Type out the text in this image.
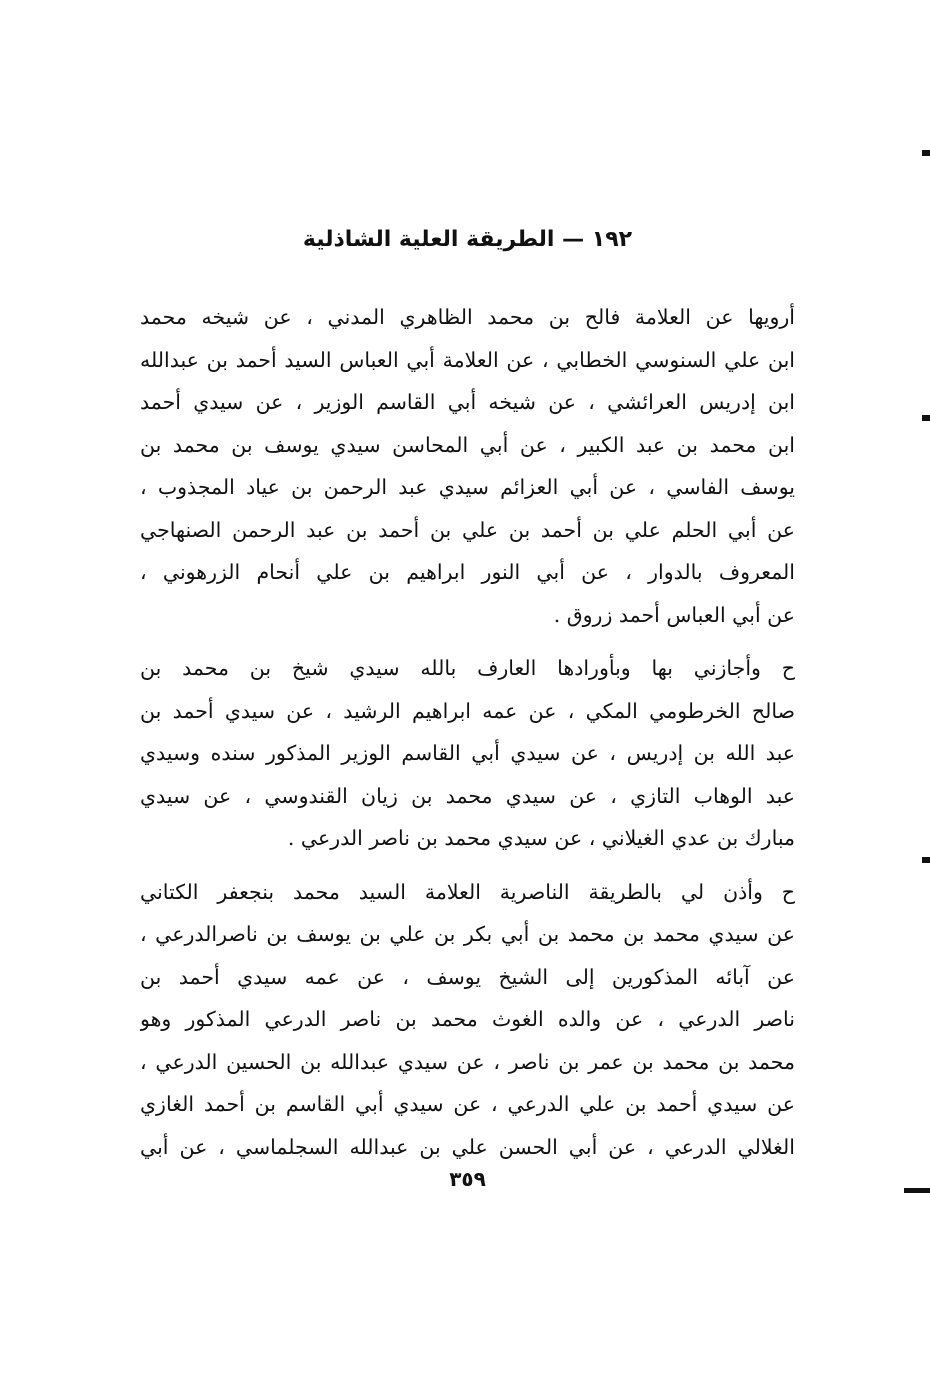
١٩٢ — الطريقة العلية الشاذلية
أرويها عن العلامة فالح بن محمد الظاهري المدني ، عن شيخه محمد
ابن علي السنوسي الخطابي ، عن العلامة أبي العباس السيد أحمد بن عبدالله
ابن إدريس العرائشي ، عن شيخه أبي القاسم الوزير ، عن سيدي أحمد
ابن محمد بن عبد الكبير ، عن أبي المحاسن سيدي يوسف بن محمد بن
يوسف الفاسي ، عن أبي العزائم سيدي عبد الرحمن بن عياد المجذوب ،
عن أبي الحلم علي بن أحمد بن علي بن أحمد بن عبد الرحمن الصنهاجي
المعروف بالدوار ، عن أبي النور ابراهيم بن علي أنحام الزرهوني ،
عن أبي العباس أحمد زروق .
ح وأجازني بها وبأورادها العارف بالله سيدي شيخ بن محمد بن
صالح الخرطومي المكي ، عن عمه ابراهيم الرشيد ، عن سيدي أحمد بن
عبد الله بن إدريس ، عن سيدي أبي القاسم الوزير المذكور سنده وسيدي
عبد الوهاب التازي ، عن سيدي محمد بن زيان القندوسي ، عن سيدي
مبارك بن عدي الغيلاني ، عن سيدي محمد بن ناصر الدرعي .
ح وأذن لي بالطريقة الناصرية العلامة السيد محمد بنجعفر الكتاني
عن سيدي محمد بن محمد بن أبي بكر بن علي بن يوسف بن ناصرالدرعي ،
عن آبائه المذكورين إلى الشيخ يوسف ، عن عمه سيدي أحمد بن
ناصر الدرعي ، عن والده الغوث محمد بن ناصر الدرعي المذكور وهو
محمد بن محمد بن عمر بن ناصر ، عن سيدي عبدالله بن الحسين الدرعي ،
عن سيدي أحمد بن علي الدرعي ، عن سيدي أبي القاسم بن أحمد الغازي
الغلالي الدرعي ، عن أبي الحسن علي بن عبدالله السجلماسي ، عن أبي
٣٥٩
